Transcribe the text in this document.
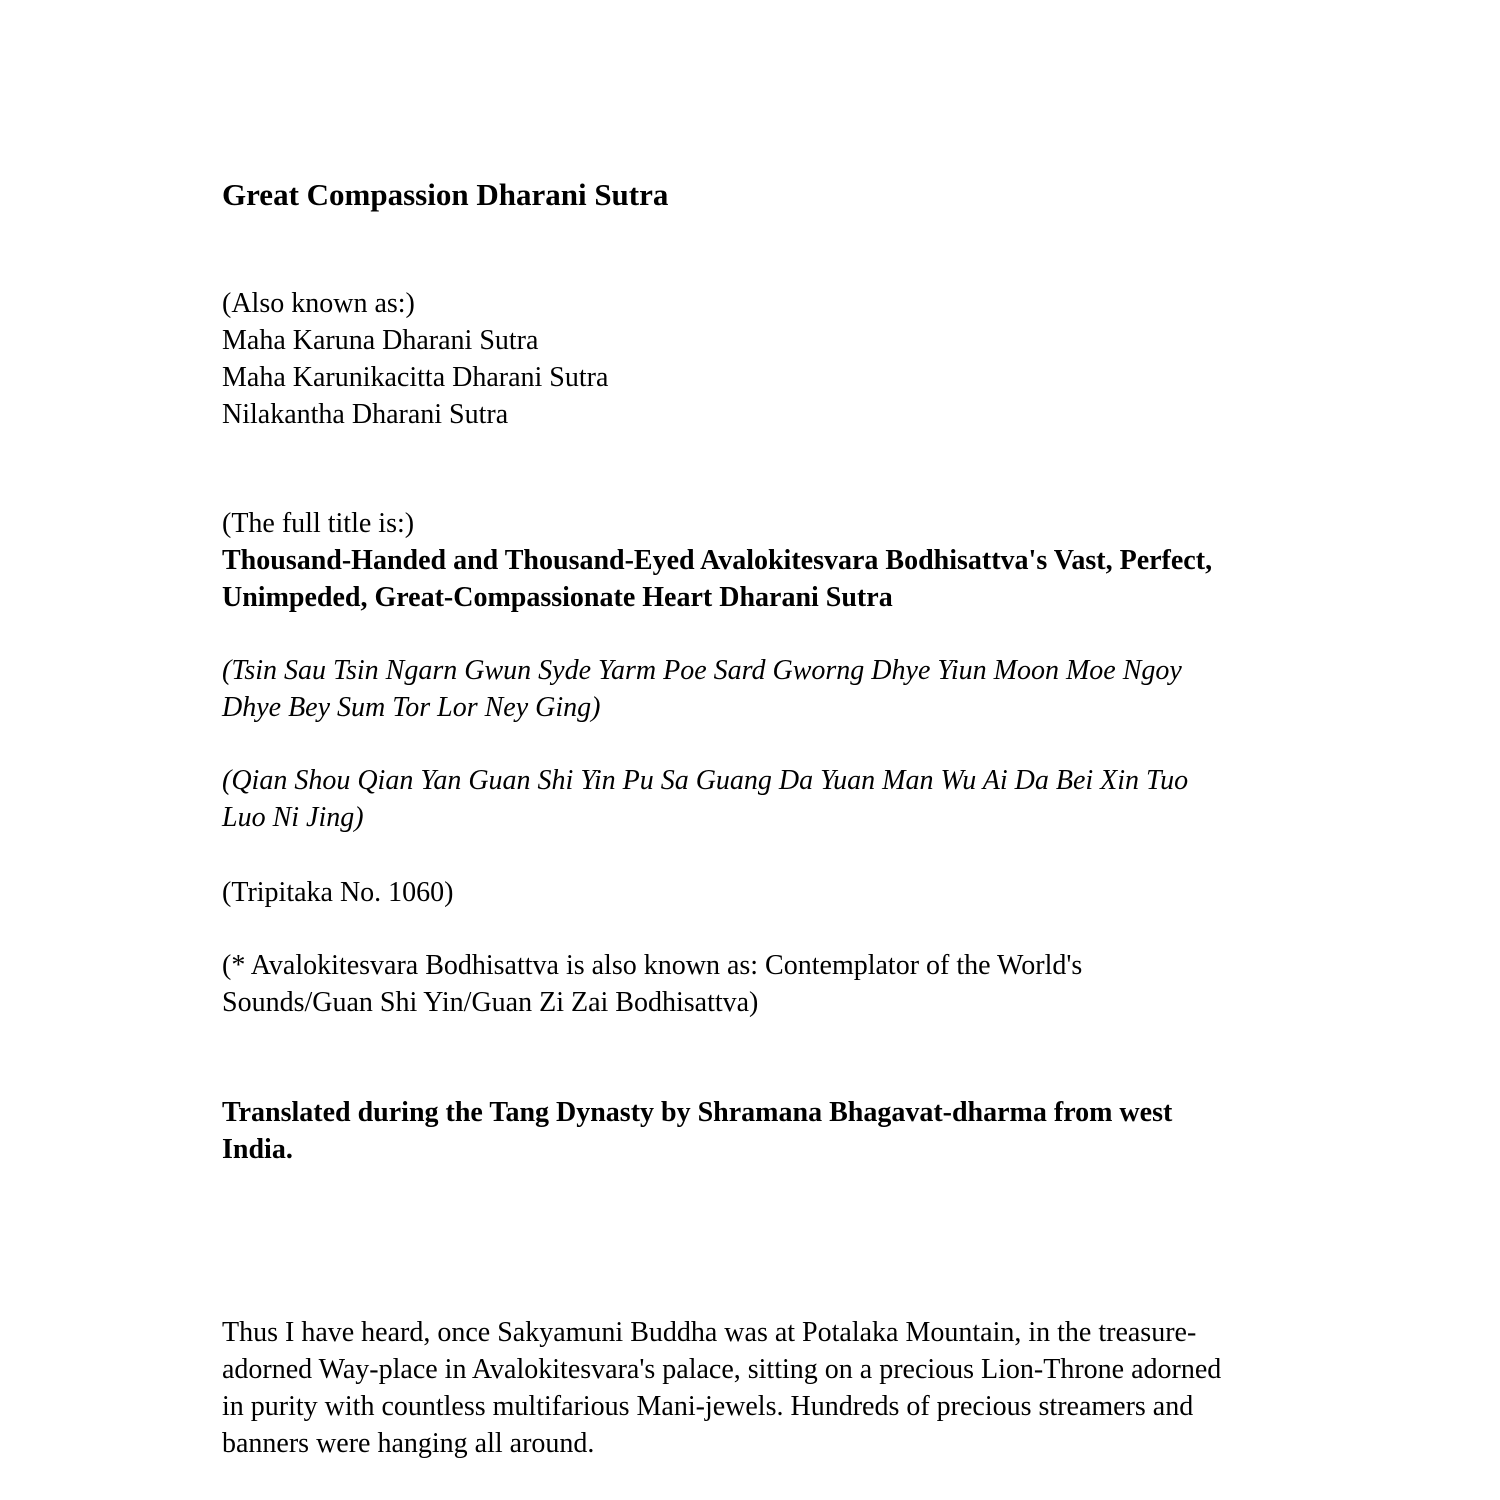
Great Compassion Dharani Sutra
(Also known as:)
Maha Karuna Dharani Sutra
Maha Karunikacitta Dharani Sutra
Nilakantha Dharani Sutra
(The full title is:)
Thousand-Handed and Thousand-Eyed Avalokitesvara Bodhisattva's Vast, Perfect,
Unimpeded, Great-Compassionate Heart Dharani Sutra
(Tsin Sau Tsin Ngarn Gwun Syde Yarm Poe Sard Gworng Dhye Yiun Moon Moe Ngoy
Dhye Bey Sum Tor Lor Ney Ging)
(Qian Shou Qian Yan Guan Shi Yin Pu Sa Guang Da Yuan Man Wu Ai Da Bei Xin Tuo
Luo Ni Jing)
(Tripitaka No. 1060)
(* Avalokitesvara Bodhisattva is also known as: Contemplator of the World's
Sounds/Guan Shi Yin/Guan Zi Zai Bodhisattva)
Translated during the Tang Dynasty by Shramana Bhagavat-dharma from west
India.
Thus I have heard, once Sakyamuni Buddha was at Potalaka Mountain, in the treasure-
adorned Way-place in Avalokitesvara's palace, sitting on a precious Lion-Throne adorned
in purity with countless multifarious Mani-jewels. Hundreds of precious streamers and
banners were hanging all around.
